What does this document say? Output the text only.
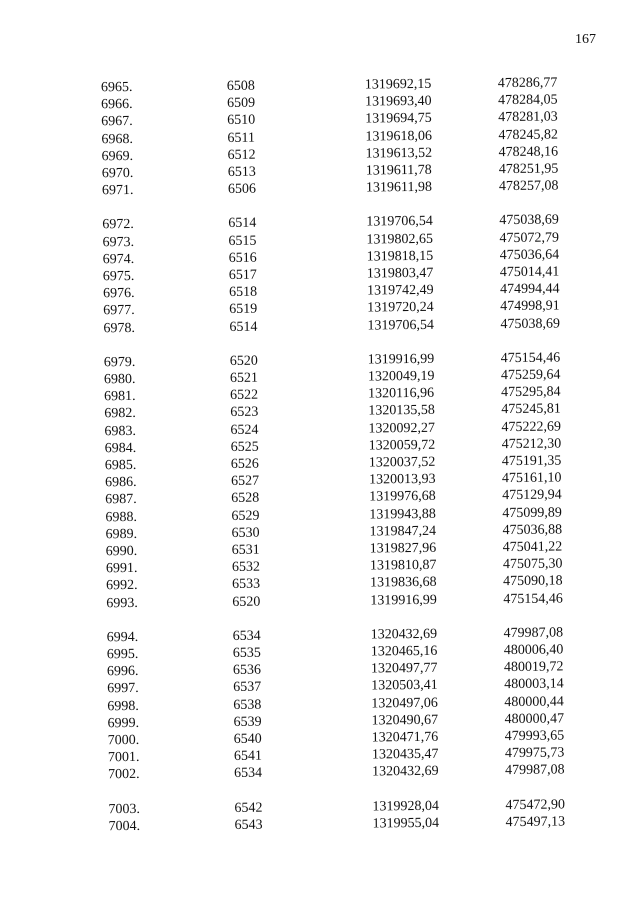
167
6965.	6508	1319692,15	478286,77
6966.	6509	1319693,40	478284,05
6967.	6510	1319694,75	478281,03
6968.	6511	1319618,06	478245,82
6969.	6512	1319613,52	478248,16
6970.	6513	1319611,78	478251,95
6971.	6506	1319611,98	478257,08
6972.	6514	1319706,54	475038,69
6973.	6515	1319802,65	475072,79
6974.	6516	1319818,15	475036,64
6975.	6517	1319803,47	475014,41
6976.	6518	1319742,49	474994,44
6977.	6519	1319720,24	474998,91
6978.	6514	1319706,54	475038,69
6979.	6520	1319916,99	475154,46
6980.	6521	1320049,19	475259,64
6981.	6522	1320116,96	475295,84
6982.	6523	1320135,58	475245,81
6983.	6524	1320092,27	475222,69
6984.	6525	1320059,72	475212,30
6985.	6526	1320037,52	475191,35
6986.	6527	1320013,93	475161,10
6987.	6528	1319976,68	475129,94
6988.	6529	1319943,88	475099,89
6989.	6530	1319847,24	475036,88
6990.	6531	1319827,96	475041,22
6991.	6532	1319810,87	475075,30
6992.	6533	1319836,68	475090,18
6993.	6520	1319916,99	475154,46
6994.	6534	1320432,69	479987,08
6995.	6535	1320465,16	480006,40
6996.	6536	1320497,77	480019,72
6997.	6537	1320503,41	480003,14
6998.	6538	1320497,06	480000,44
6999.	6539	1320490,67	480000,47
7000.	6540	1320471,76	479993,65
7001.	6541	1320435,47	479975,73
7002.	6534	1320432,69	479987,08
7003.	6542	1319928,04	475472,90
7004.	6543	1319955,04	475497,13
